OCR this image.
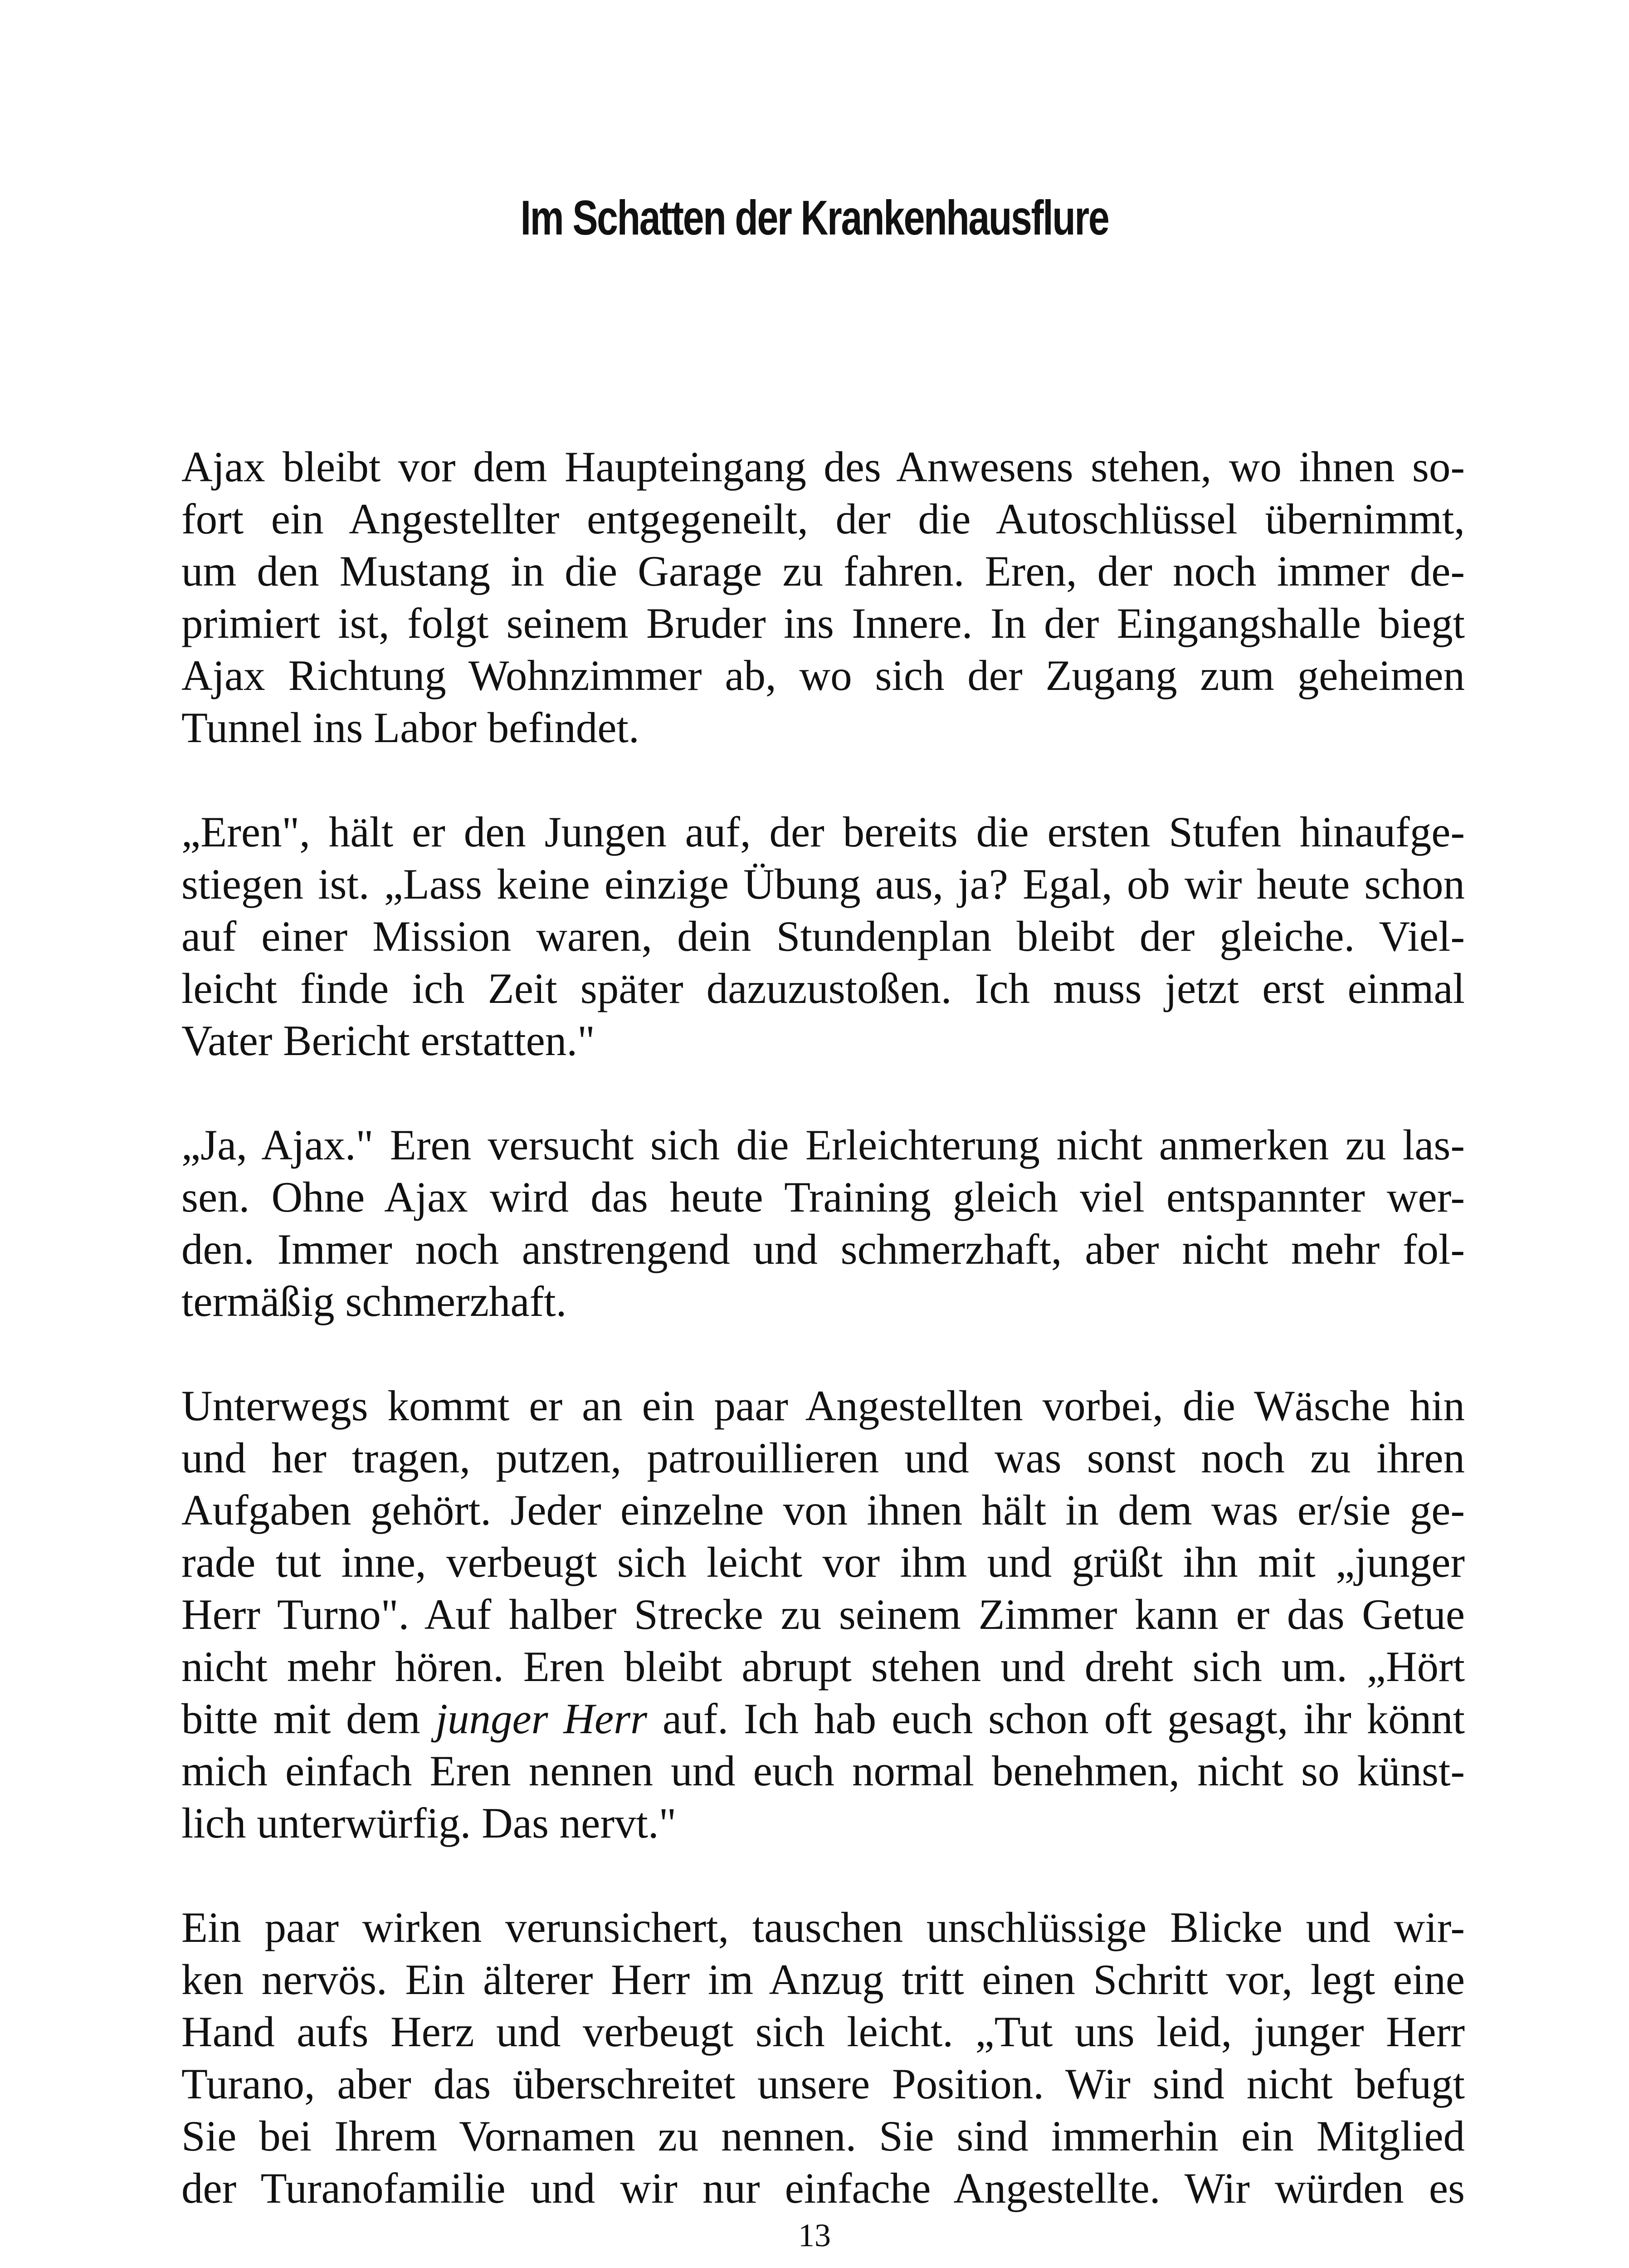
Im Schatten der Krankenhausflure

Ajax bleibt vor dem Haupteingang des Anwesens stehen, wo ihnen so-
fort ein Angestellter entgegeneilt, der die Autoschlüssel übernimmt,
um den Mustang in die Garage zu fahren. Eren, der noch immer de-
primiert ist, folgt seinem Bruder ins Innere. In der Eingangshalle biegt
Ajax Richtung Wohnzimmer ab, wo sich der Zugang zum geheimen
Tunnel ins Labor befindet.

„Eren", hält er den Jungen auf, der bereits die ersten Stufen hinaufge-
stiegen ist. „Lass keine einzige Übung aus, ja? Egal, ob wir heute schon
auf einer Mission waren, dein Stundenplan bleibt der gleiche. Viel-
leicht finde ich Zeit später dazuzustoßen. Ich muss jetzt erst einmal
Vater Bericht erstatten."

„Ja, Ajax." Eren versucht sich die Erleichterung nicht anmerken zu las-
sen. Ohne Ajax wird das heute Training gleich viel entspannter wer-
den. Immer noch anstrengend und schmerzhaft, aber nicht mehr fol-
termäßig schmerzhaft.

Unterwegs kommt er an ein paar Angestellten vorbei, die Wäsche hin
und her tragen, putzen, patrouillieren und was sonst noch zu ihren
Aufgaben gehört. Jeder einzelne von ihnen hält in dem was er/sie ge-
rade tut inne, verbeugt sich leicht vor ihm und grüßt ihn mit „junger
Herr Turno". Auf halber Strecke zu seinem Zimmer kann er das Getue
nicht mehr hören. Eren bleibt abrupt stehen und dreht sich um. „Hört
bitte mit dem junger Herr auf. Ich hab euch schon oft gesagt, ihr könnt
mich einfach Eren nennen und euch normal benehmen, nicht so künst-
lich unterwürfig. Das nervt."

Ein paar wirken verunsichert, tauschen unschlüssige Blicke und wir-
ken nervös. Ein älterer Herr im Anzug tritt einen Schritt vor, legt eine
Hand aufs Herz und verbeugt sich leicht. „Tut uns leid, junger Herr
Turano, aber das überschreitet unsere Position. Wir sind nicht befugt
Sie bei Ihrem Vornamen zu nennen. Sie sind immerhin ein Mitglied
der Turanofamilie und wir nur einfache Angestellte. Wir würden es

13
